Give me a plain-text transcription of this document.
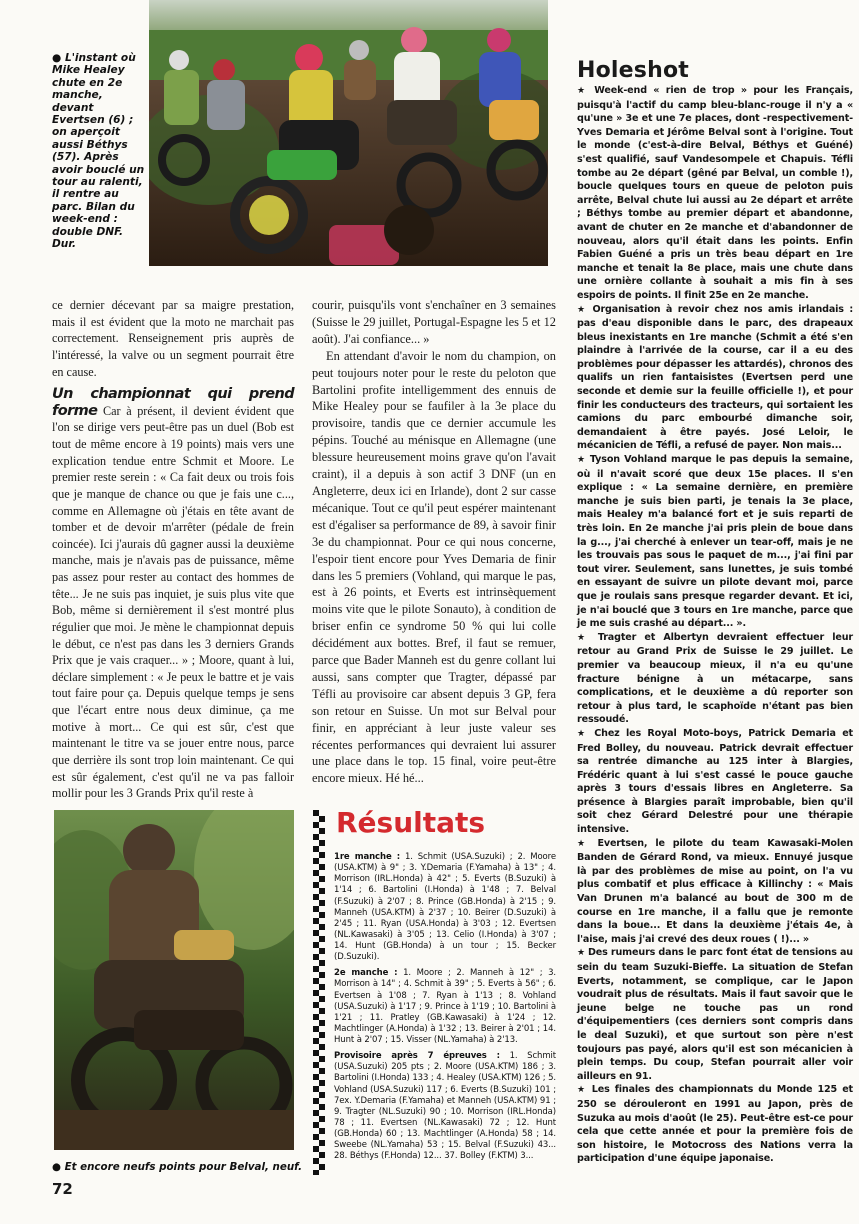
● L'instant où Mike Healey chute en 2e manche, devant Evertsen (6) ; on aperçoit aussi Béthys (57). Après avoir bouclé un tour au ralenti, il rentre au parc. Bilan du week-end : double DNF. Dur.
Holeshot

★ Week-end « rien de trop » pour les Français, puisqu'à l'actif du camp bleu-blanc-rouge il n'y a « qu'une » 3e et une 7e places, dont -respectivement- Yves Demaria et Jérôme Belval sont à l'origine. Tout le monde (c'est-à-dire Belval, Béthys et Guéné) s'est qualifié, sauf Vandesompele et Chapuis. Téfli tombe au 2e départ (gêné par Belval, un comble !), boucle quelques tours en queue de peloton puis arrête, Belval chute lui aussi au 2e départ et arrête ; Béthys tombe au premier départ et abandonne, avant de chuter en 2e manche et d'abandonner de nouveau, alors qu'il était dans les points. Enfin Fabien Guéné a pris un très beau départ en 1re manche et tenait la 8e place, mais une chute dans une ornière collante à souhait a mis fin à ses espoirs de points. Il finit 25e en 2e manche.

★ Organisation à revoir chez nos amis irlandais : pas d'eau disponible dans le parc, des drapeaux bleus inexistants en 1re manche (Schmit a été s'en plaindre à l'arrivée de la course, car il a eu des problèmes pour dépasser les attardés), chronos des qualifs un rien fantaisistes (Evertsen perd une seconde et demie sur la feuille officielle !), et pour finir les conducteurs des tracteurs, qui sortaient les camions du parc embourbé dimanche soir, demandaient à être payés. José Leloir, le mécanicien de Téfli, a refusé de payer. Non mais...

★ Tyson Vohland marque le pas depuis la semaine, où il n'avait scoré que deux 15e places. Il s'en explique : « La semaine dernière, en première manche je suis bien parti, je tenais la 3e place, mais Healey m'a balancé fort et je suis reparti de très loin. En 2e manche j'ai pris plein de boue dans la g..., j'ai cherché à enlever un tear-off, mais je ne les trouvais pas sous le paquet de m..., j'ai fini par tout virer. Seulement, sans lunettes, je suis tombé en essayant de suivre un pilote devant moi, parce que je roulais sans presque regarder devant. Et ici, je n'ai bouclé que 3 tours en 1re manche, parce que je me suis crashé au départ... ».

★ Tragter et Albertyn devraient effectuer leur retour au Grand Prix de Suisse le 29 juillet. Le premier va beaucoup mieux, il n'a eu qu'une fracture bénigne à un métacarpe, sans complications, et le deuxième a dû reporter son retour à plus tard, le scaphoïde n'étant pas bien ressoudé.

★ Chez les Royal Moto-boys, Patrick Demaria et Fred Bolley, du nouveau. Patrick devrait effectuer sa rentrée dimanche au 125 inter à Blargies, Frédéric quant à lui s'est cassé le pouce gauche après 3 tours d'essais libres en Angleterre. Sa présence à Blargies paraît improbable, bien qu'il soit chez Gérard Delestré pour une thérapie intensive.

★ Evertsen, le pilote du team Kawasaki-Molen Banden de Gérard Rond, va mieux. Ennuyé jusque là par des problèmes de mise au point, on l'a vu plus combatif et plus efficace à Killinchy : « Mais Van Drunen m'a balancé au bout de 300 m de course en 1re manche, il a fallu que je remonte dans la boue... Et dans la deuxième j'étais 4e, à l'aise, mais j'ai crevé des deux roues ( !)... »

★ Des rumeurs dans le parc font état de tensions au sein du team Suzuki-Bieffe. La situation de Stefan Everts, notamment, se complique, car le Japon voudrait plus de résultats. Mais il faut savoir que le jeune belge ne touche pas un rond d'équipementiers (ces derniers sont compris dans le deal Suzuki), et que surtout son père n'est toujours pas payé, alors qu'il est son mécanicien à plein temps. Du coup, Stefan pourrait aller voir ailleurs en 91.

★ Les finales des championnats du Monde 125 et 250 se dérouleront en 1991 au Japon, près de Suzuka au mois d'août (le 25). Peut-être est-ce pour cela que cette année et pour la première fois de son histoire, le Motocross des Nations verra la participation d'une équipe japonaise.

ce dernier décevant par sa maigre prestation, mais il est évident que la moto ne marchait pas correctement. Renseignement pris auprès de l'intéressé, la valve ou un segment pourrait être en cause.

Un championnat qui prend forme Car à présent, il devient évident que l'on se dirige vers peut-être pas un duel (Bob est tout de même encore à 19 points) mais vers une explication tendue entre Schmit et Moore. Le premier reste serein : « Ca fait deux ou trois fois que je manque de chance ou que je fais une c..., comme en Allemagne où j'étais en tête avant de tomber et de devoir m'arrêter (pédale de frein coincée). Ici j'aurais dû gagner aussi la deuxième manche, mais je n'avais pas de puissance, même pas assez pour rester au contact des hommes de tête... Je ne suis pas inquiet, je suis plus vite que Bob, même si dernièrement il s'est montré plus régulier que moi. Je mène le championnat depuis le début, ce n'est pas dans les 3 derniers Grands Prix que je vais craquer... » ; Moore, quant à lui, déclare simplement : « Je peux le battre et je vais tout faire pour ça. Depuis quelque temps je sens que l'écart entre nous deux diminue, ça me motive à mort... Ce qui est sûr, c'est que maintenant le titre va se jouer entre nous, parce que derrière ils sont trop loin maintenant. Ce qui est sûr également, c'est qu'il ne va pas falloir mollir pour les 3 Grands Prix qu'il reste à

courir, puisqu'ils vont s'enchaîner en 3 semaines (Suisse le 29 juillet, Portugal-Espagne les 5 et 12 août). J'ai confiance... »

En attendant d'avoir le nom du champion, on peut toujours noter pour le reste du peloton que Bartolini profite intelligemment des ennuis de Mike Healey pour se faufiler à la 3e place du provisoire, tandis que ce dernier accumule les pépins. Touché au ménisque en Allemagne (une blessure heureusement moins grave qu'on l'avait craint), il a depuis à son actif 3 DNF (un en Angleterre, deux ici en Irlande), dont 2 sur casse mécanique. Tout ce qu'il peut espérer maintenant est d'égaliser sa performance de 89, à savoir finir 3e du championnat. Pour ce qui nous concerne, l'espoir tient encore pour Yves Demaria de finir dans les 5 premiers (Vohland, qui marque le pas, est à 26 points, et Everts est intrinsèquement moins vite que le pilote Sonauto), à condition de briser enfin ce syndrome 50 % qui lui colle décidément aux bottes. Bref, il faut se remuer, parce que Bader Manneh est du genre collant lui aussi, sans compter que Tragter, dépassé par Téfli au provisoire car absent depuis 3 GP, fera son retour en Suisse. Un mot sur Belval pour finir, en appréciant à leur juste valeur ses récentes performances qui devraient lui assurer une place dans le top. 15 final, voire peut-être encore mieux. Hé hé...

● Et encore neufs points pour Belval, neuf.
72
Résultats

1re manche : 1. Schmit (USA.Suzuki) ; 2. Moore (USA.KTM) à 9" ; 3. Y.Demaria (F.Yamaha) à 13" ; 4. Morrison (IRL.Honda) à 42" ; 5. Everts (B.Suzuki) à 1'14 ; 6. Bartolini (I.Honda) à 1'48 ; 7. Belval (F.Suzuki) à 2'07 ; 8. Prince (GB.Honda) à 2'15 ; 9. Manneh (USA.KTM) à 2'37 ; 10. Beirer (D.Suzuki) à 2'45 ; 11. Ryan (USA.Honda) à 3'03 ; 12. Evertsen (NL.Kawasaki) à 3'05 ; 13. Celio (I.Honda) à 3'07 ; 14. Hunt (GB.Honda) à un tour ; 15. Becker (D.Suzuki).

2e manche : 1. Moore ; 2. Manneh à 12" ; 3. Morrison à 14" ; 4. Schmit à 39" ; 5. Everts à 56" ; 6. Evertsen à 1'08 ; 7. Ryan à 1'13 ; 8. Vohland (USA.Suzuki) à 1'17 ; 9. Prince à 1'19 ; 10. Bartolini à 1'21 ; 11. Pratley (GB.Kawasaki) à 1'24 ; 12. Machtlinger (A.Honda) à 1'32 ; 13. Beirer à 2'01 ; 14. Hunt à 2'07 ; 15. Visser (NL.Yamaha) à 2'13.

Provisoire après 7 épreuves : 1. Schmit (USA.Suzuki) 205 pts ; 2. Moore (USA.KTM) 186 ; 3. Bartolini (I.Honda) 133 ; 4. Healey (USA.KTM) 126 ; 5. Vohland (USA.Suzuki) 117 ; 6. Everts (B.Suzuki) 101 ; 7ex. Y.Demaria (F.Yamaha) et Manneh (USA.KTM) 91 ; 9. Tragter (NL.Suzuki) 90 ; 10. Morrison (IRL.Honda) 78 ; 11. Evertsen (NL.Kawasaki) 72 ; 12. Hunt (GB.Honda) 60 ; 13. Machtlinger (A.Honda) 58 ; 14. Sweebe (NL.Yamaha) 53 ; 15. Belval (F.Suzuki) 43... 28. Béthys (F.Honda) 12... 37. Bolley (F.KTM) 3...
